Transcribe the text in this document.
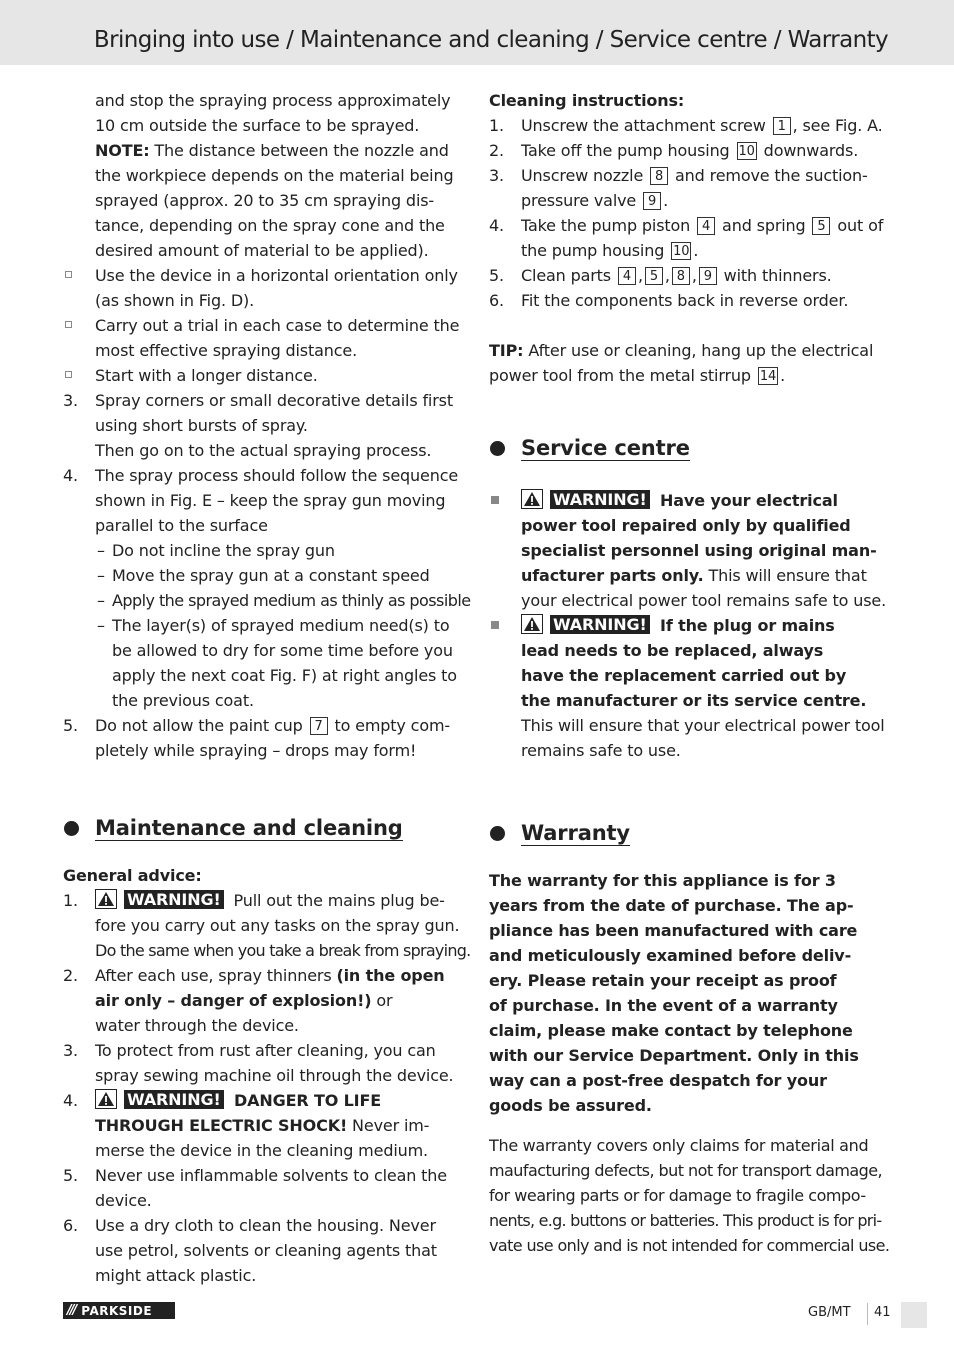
Bringing into use / Maintenance and cleaning / Service centre / Warranty
and stop the spraying process approximately
10 cm outside the surface to be sprayed.
NOTE: The distance between the nozzle and
the workpiece depends on the material being
sprayed (approx. 20 to 35 cm spraying dis-
tance, depending on the spray cone and the
desired amount of material to be applied).
Use the device in a horizontal orientation only
(as shown in Fig. D).
Carry out a trial in each case to determine the
most effective spraying distance.
Start with a longer distance.
3. Spray corners or small decorative details first
using short bursts of spray.
Then go on to the actual spraying process.
4. The spray process should follow the sequence
shown in Fig. E – keep the spray gun moving
parallel to the surface
– Do not incline the spray gun
– Move the spray gun at a constant speed
– Apply the sprayed medium as thinly as possible
– The layer(s) of sprayed medium need(s) to
be allowed to dry for some time before you
apply the next coat Fig. F) at right angles to
the previous coat.
5. Do not allow the paint cup 7 to empty com-
pletely while spraying – drops may form!
Maintenance and cleaning
General advice:
1.	WARNING! Pull out the mains plug be-
fore you carry out any tasks on the spray gun.
Do the same when you take a break from spraying.
2. After each use, spray thinners (in the open
air only – danger of explosion!) or
water through the device.
3. To protect from rust after cleaning, you can
spray sewing machine oil through the device.
4.	WARNING! DANGER TO LIFE
THROUGH ELECTRIC SHOCK! Never im-
merse the device in the cleaning medium.
5. Never use inflammable solvents to clean the
device.
6. Use a dry cloth to clean the housing. Never
use petrol, solvents or cleaning agents that
might attack plastic.
Cleaning instructions:
1. Unscrew the attachment screw 1 , see Fig. A.
2. Take off the pump housing 10 downwards.
3. Unscrew nozzle 8 and remove the suction-
pressure valve 9 .
4. Take the pump piston 4 and spring 5 out of
the pump housing 10 .
5. Clean parts 4 , 5 , 8 , 9 with thinners.
6. Fit the components back in reverse order.
TIP: After use or cleaning, hang up the electrical
power tool from the metal stirrup 14 .
Service centre
WARNING! Have your electrical
power tool repaired only by qualified
specialist personnel using original man-
ufacturer parts only. This will ensure that
your electrical power tool remains safe to use.
WARNING! If the plug or mains
lead needs to be replaced, always
have the replacement carried out by
the manufacturer or its service centre.
This will ensure that your electrical power tool
remains safe to use.
Warranty
The warranty for this appliance is for 3
years from the date of purchase. The ap-
pliance has been manufactured with care
and meticulously examined before deliv-
ery. Please retain your receipt as proof
of purchase. In the event of a warranty
claim, please make contact by telephone
with our Service Department. Only in this
way can a post-free despatch for your
goods be assured.
The warranty covers only claims for material and
maufacturing defects, but not for transport damage,
for wearing parts or for damage to fragile compo-
nents, e.g. buttons or batteries. This product is for pri-
vate use only and is not intended for commercial use.
/// PARKSIDE	GB/MT 41
